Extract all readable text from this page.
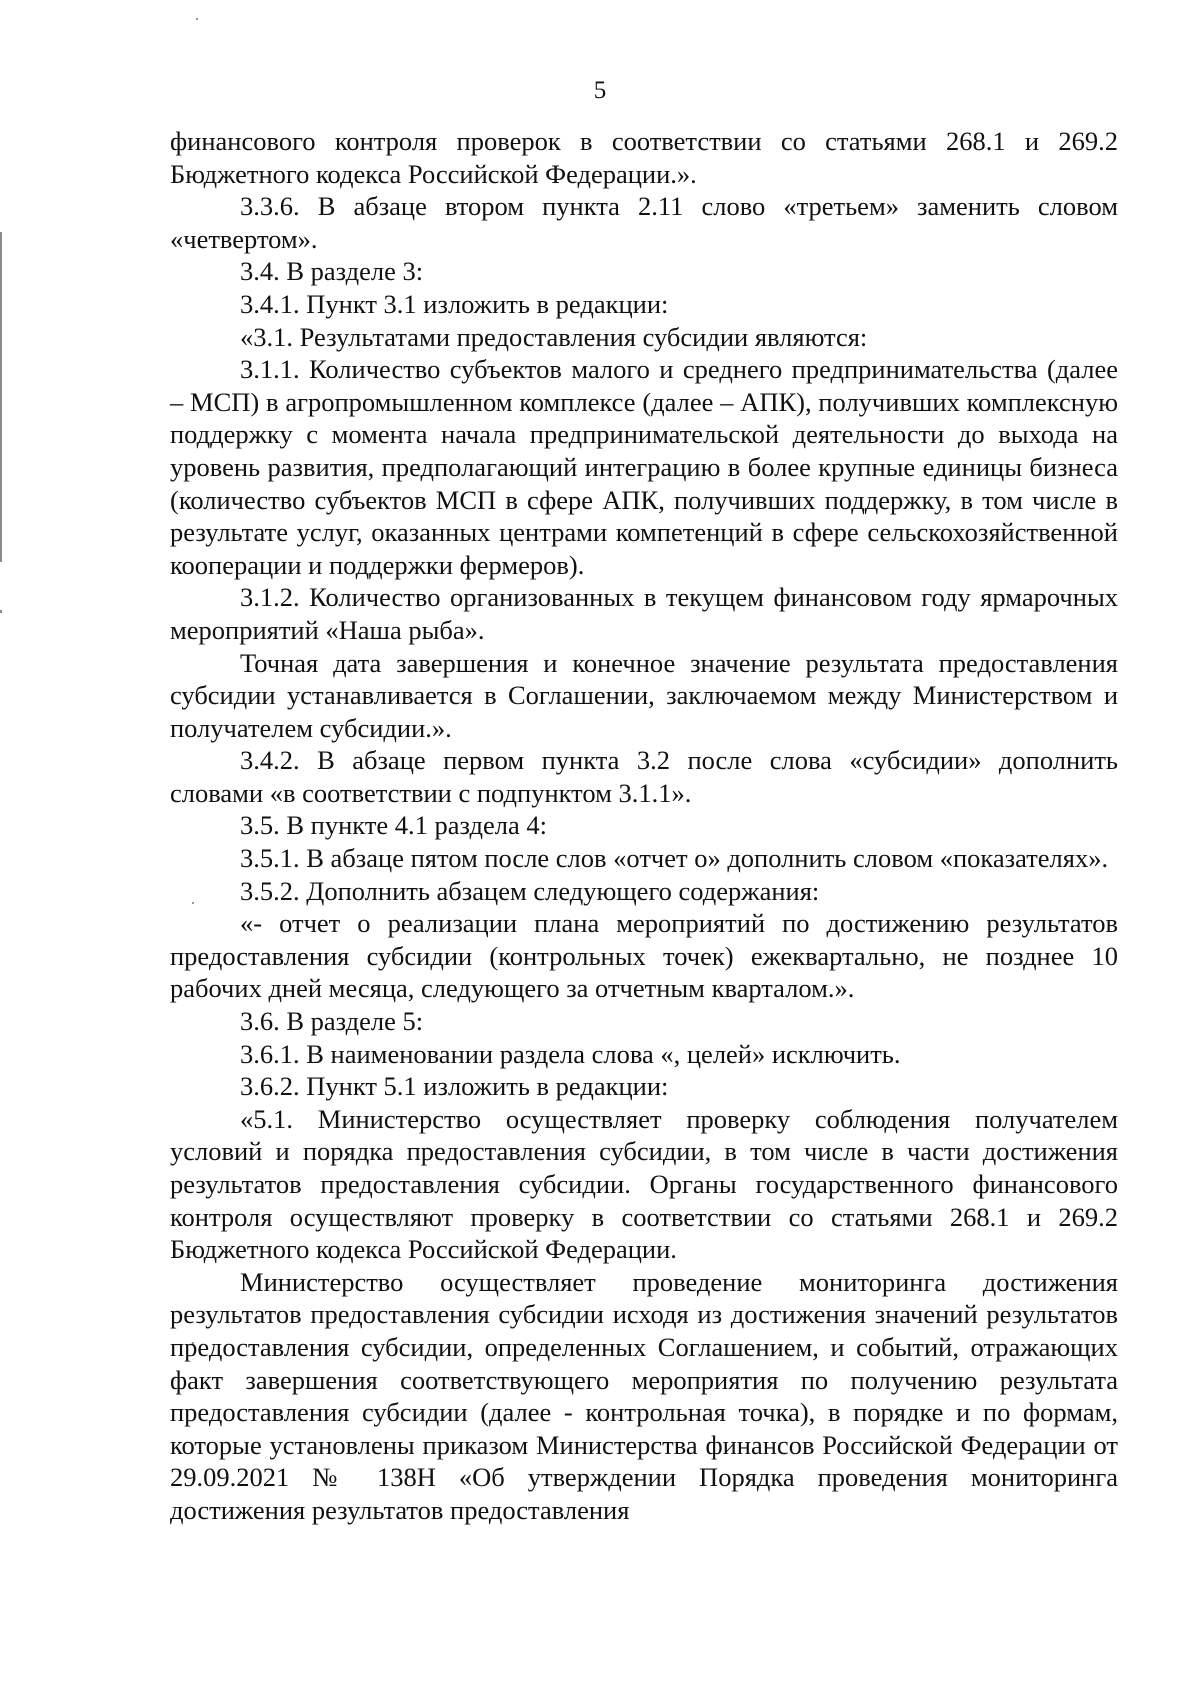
5

финансового контроля проверок в соответствии со статьями 268.1 и 269.2 Бюджетного кодекса Российской Федерации.».

3.3.6. В абзаце втором пункта 2.11 слово «третьем» заменить словом «четвертом».

3.4. В разделе 3:

3.4.1. Пункт 3.1 изложить в редакции:

«3.1. Результатами предоставления субсидии являются:

3.1.1. Количество субъектов малого и среднего предпринимательства (далее – МСП) в агропромышленном комплексе (далее – АПК), получивших комплексную поддержку с момента начала предпринимательской деятельности до выхода на уровень развития, предполагающий интеграцию в более крупные единицы бизнеса (количество субъектов МСП в сфере АПК, получивших поддержку, в том числе в результате услуг, оказанных центрами компетенций в сфере сельскохозяйственной кооперации и поддержки фермеров).

3.1.2. Количество организованных в текущем финансовом году ярмарочных мероприятий «Наша рыба».

Точная дата завершения и конечное значение результата предоставления субсидии устанавливается в Соглашении, заключаемом между Министерством и получателем субсидии.».

3.4.2. В абзаце первом пункта 3.2 после слова «субсидии» дополнить словами «в соответствии с подпунктом 3.1.1».

3.5. В пункте 4.1 раздела 4:

3.5.1. В абзаце пятом после слов «отчет о» дополнить словом «показателях».

3.5.2. Дополнить абзацем следующего содержания:

«- отчет о реализации плана мероприятий по достижению результатов предоставления субсидии (контрольных точек) ежеквартально, не позднее 10 рабочих дней месяца, следующего за отчетным кварталом.».

3.6. В разделе 5:

3.6.1. В наименовании раздела слова «, целей» исключить.

3.6.2. Пункт 5.1 изложить в редакции:

«5.1. Министерство осуществляет проверку соблюдения получателем условий и порядка предоставления субсидии, в том числе в части достижения результатов предоставления субсидии. Органы государственного финансового контроля осуществляют проверку в соответствии со статьями 268.1 и 269.2 Бюджетного кодекса Российской Федерации.

Министерство осуществляет проведение мониторинга достижения результатов предоставления субсидии исходя из достижения значений результатов предоставления субсидии, определенных Соглашением, и событий, отражающих факт завершения соответствующего мероприятия по получению результата предоставления субсидии (далее - контрольная точка), в порядке и по формам, которые установлены приказом Министерства финансов Российской Федерации от 29.09.2021 № 138Н «Об утверждении Порядка проведения мониторинга достижения результатов предоставления
